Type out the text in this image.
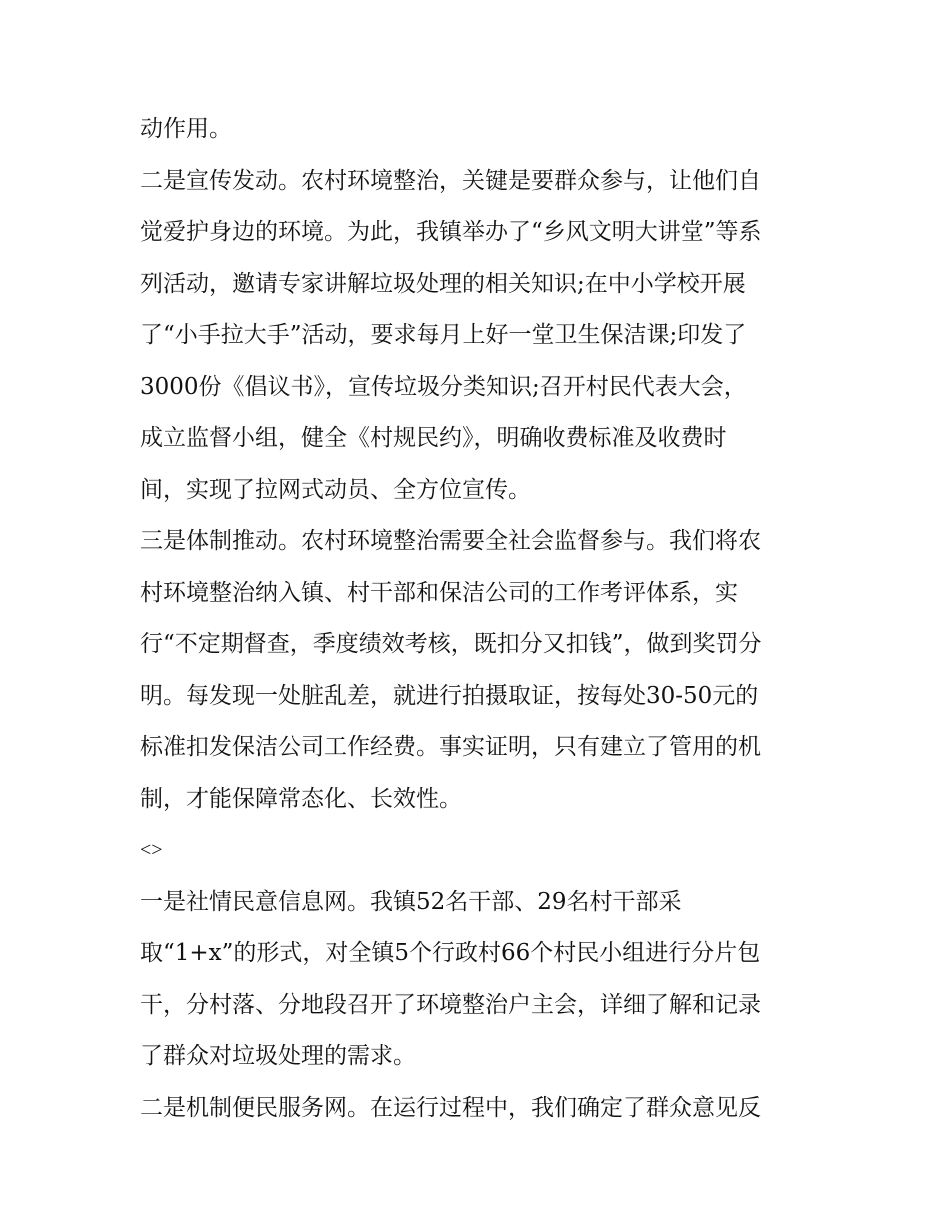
动作用。
二是宣传发动。农村环境整治，关键是要群众参与，让他们自
觉爱护身边的环境。为此，我镇举办了“乡风文明大讲堂”等系
列活动，邀请专家讲解垃圾处理的相关知识;在中小学校开展
了“小手拉大手”活动，要求每月上好一堂卫生保洁课;印发了
3000份《倡议书》，宣传垃圾分类知识;召开村民代表大会，
成立监督小组，健全《村规民约》，明确收费标准及收费时
间，实现了拉网式动员、全方位宣传。
三是体制推动。农村环境整治需要全社会监督参与。我们将农
村环境整治纳入镇、村干部和保洁公司的工作考评体系，实
行“不定期督查，季度绩效考核，既扣分又扣钱”，做到奖罚分
明。每发现一处脏乱差，就进行拍摄取证，按每处30-50元的
标准扣发保洁公司工作经费。事实证明，只有建立了管用的机
制，才能保障常态化、长效性。
<>
一是社情民意信息网。我镇52名干部、29名村干部采
取“1+x”的形式，对全镇5个行政村66个村民小组进行分片包
干，分村落、分地段召开了环境整治户主会，详细了解和记录
了群众对垃圾处理的需求。
二是机制便民服务网。在运行过程中，我们确定了群众意见反
